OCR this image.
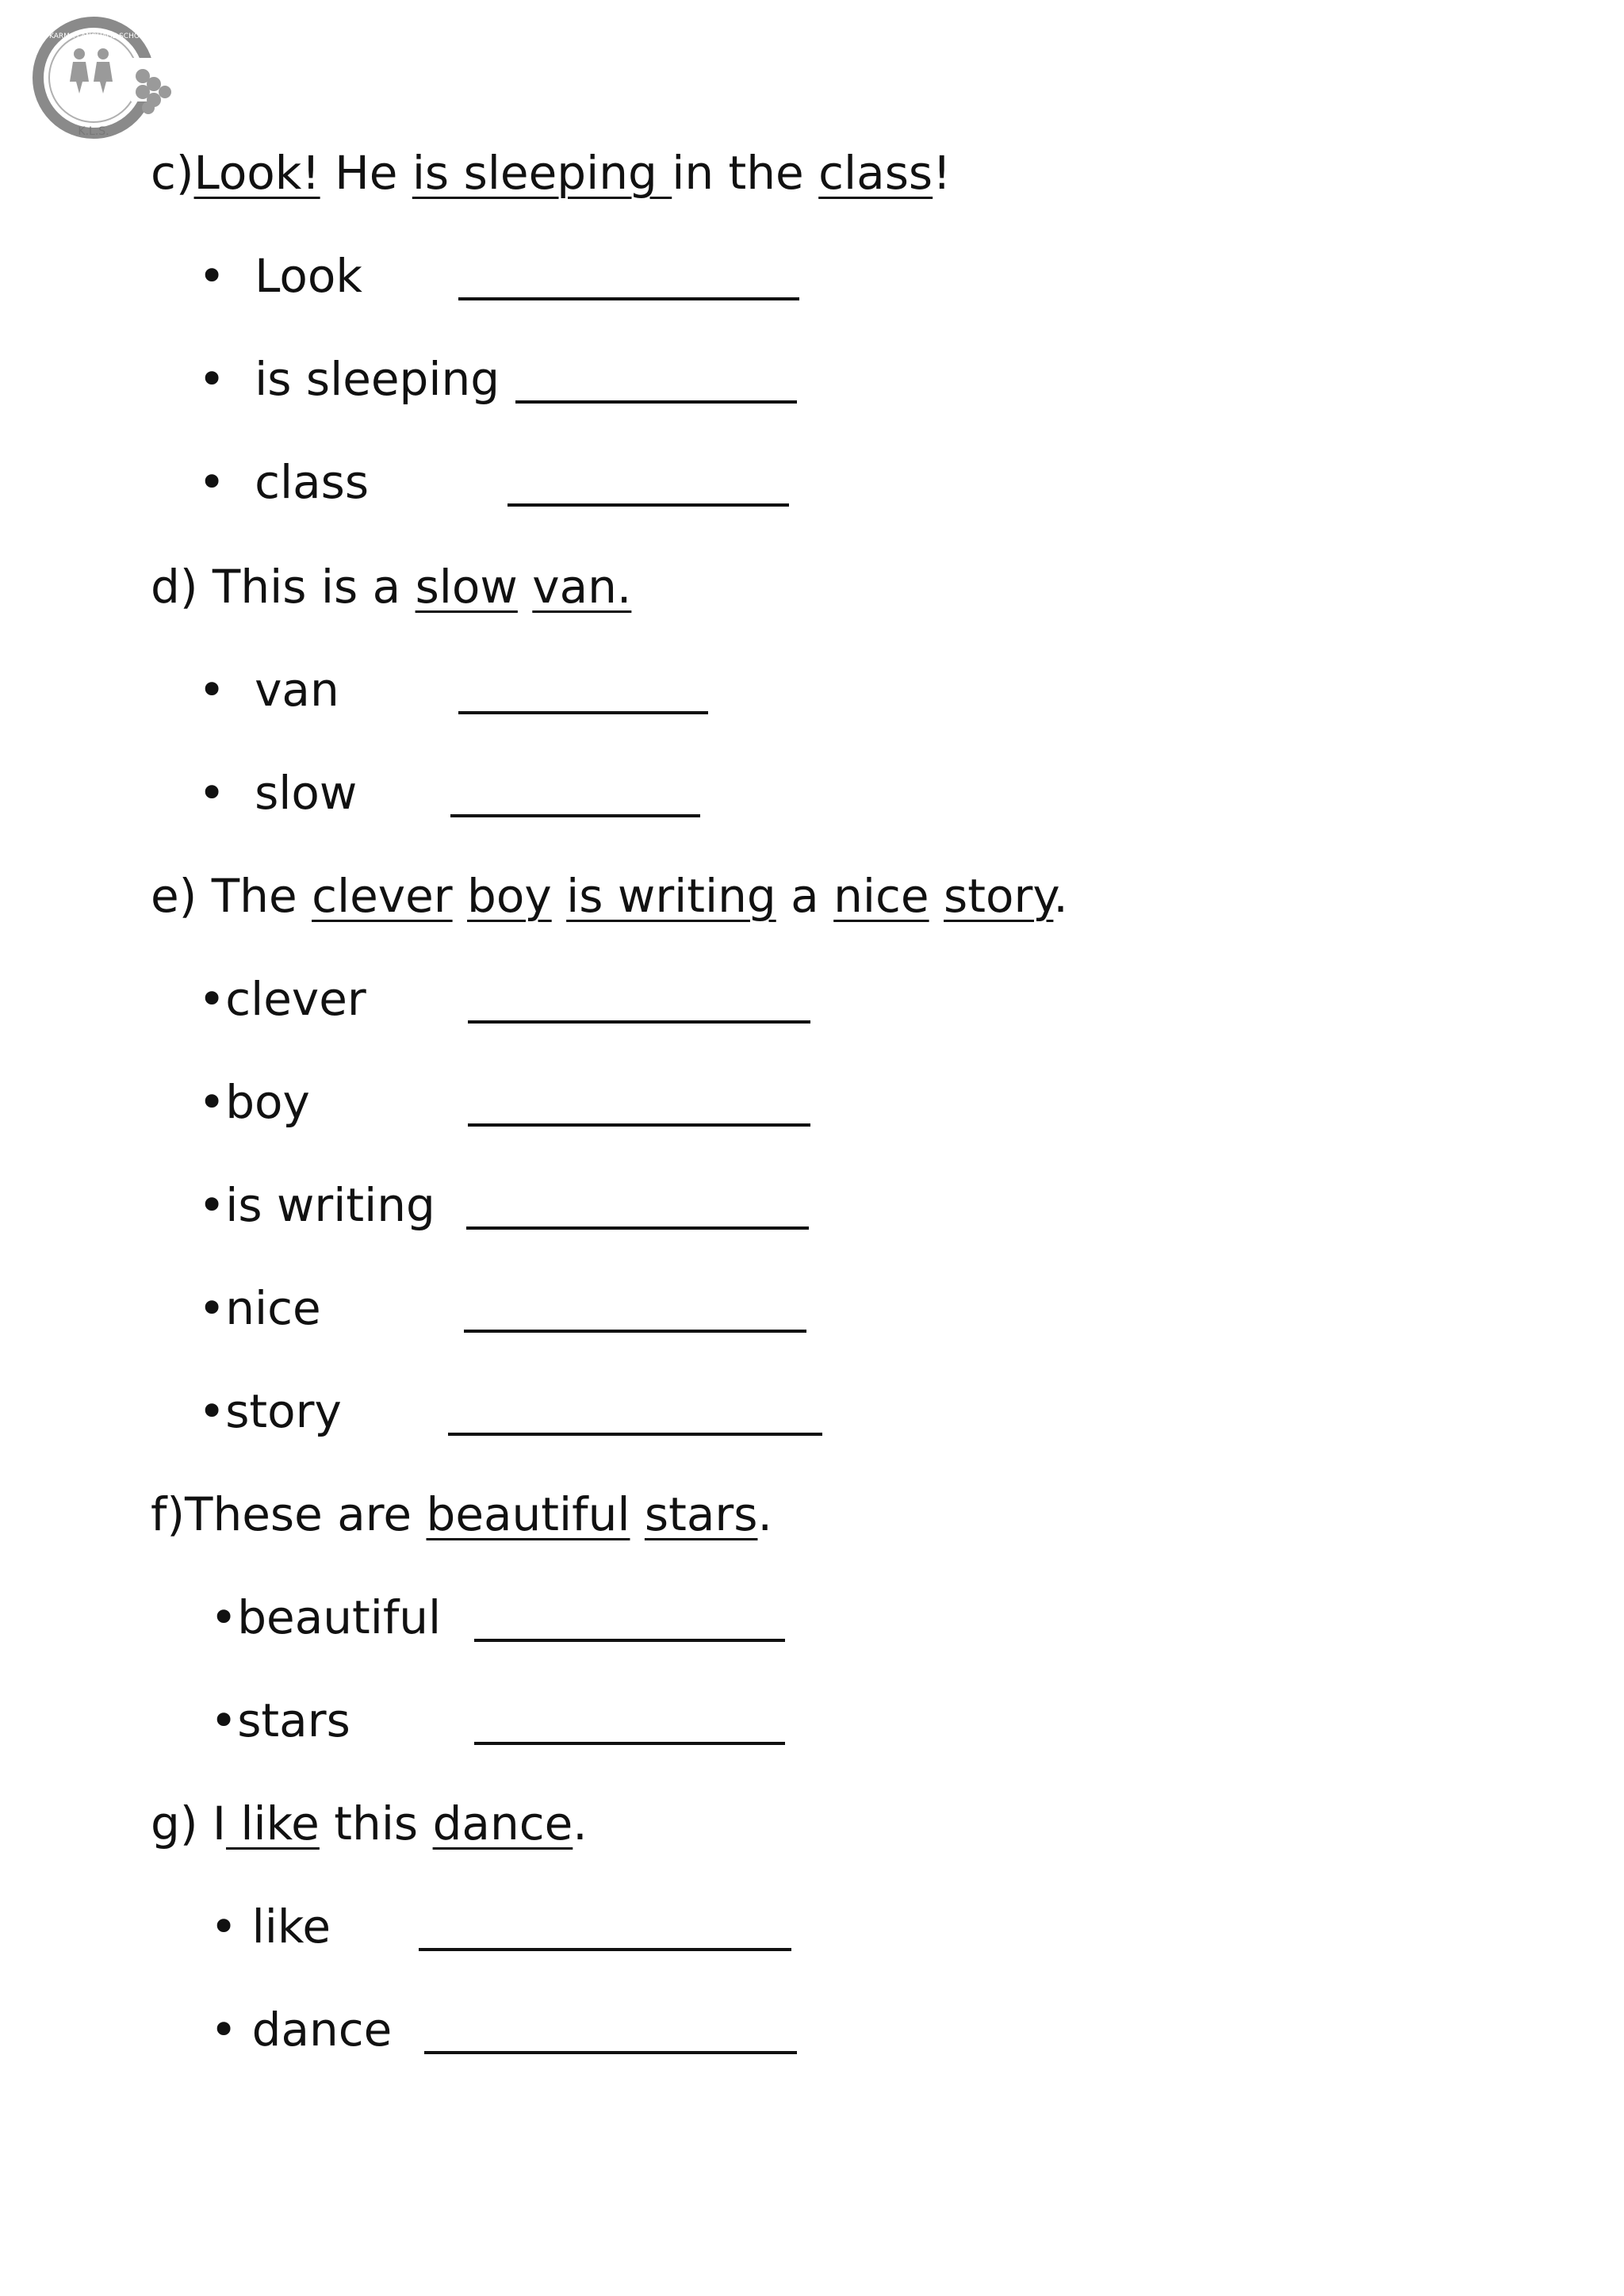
K.L.S.
AL KARMA LANGUAGE SCHOOL
c)Look! He is sleeping in the class!
•  Look
•  is sleeping
•  class
d) This is a slow van.
•  van
•  slow
e) The clever boy is writing a nice story.
•clever
•boy
•is writing
•nice
•story
f)These are beautiful stars.
•beautiful
•stars
g) I like this dance.
• like
• dance
